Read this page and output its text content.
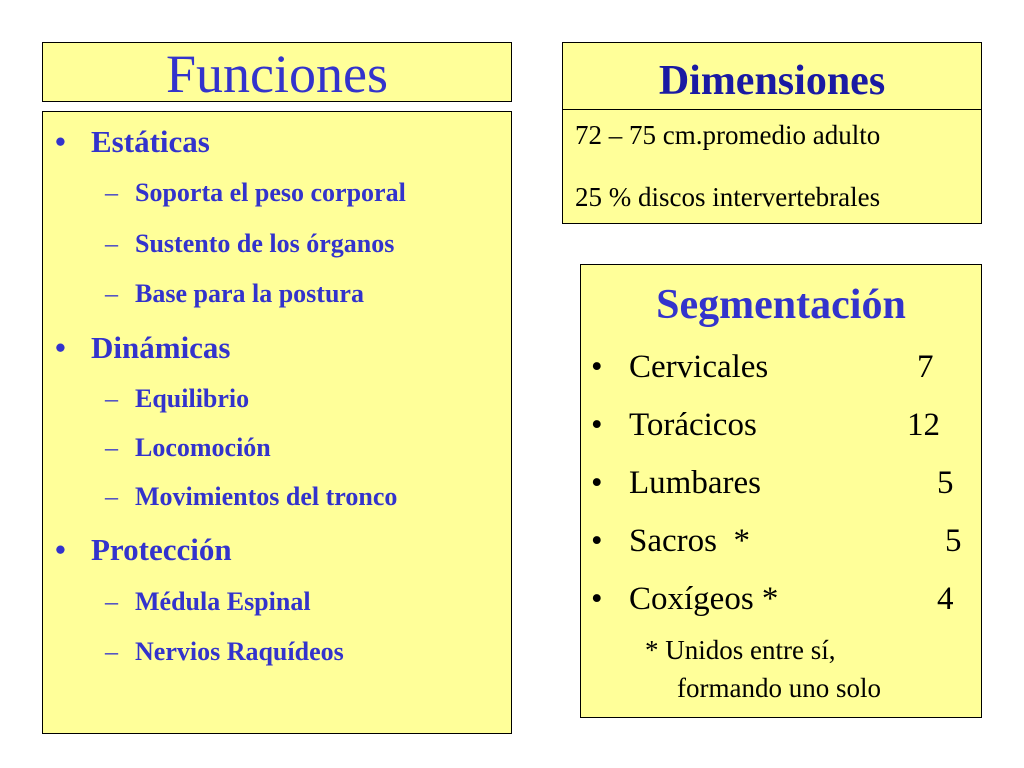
Funciones
• Estáticas
– Soporta el peso corporal
– Sustento de los órganos
– Base para la postura
• Dinámicas
– Equilibrio
– Locomoción
– Movimientos del tronco
• Protección
– Médula Espinal
– Nervios Raquídeos
Dimensiones
72 – 75 cm.promedio adulto
25 % discos intervertebrales
Segmentación
• Cervicales	7
• Torácicos	12
• Lumbares	5
• Sacros  *	5
• Coxígeos *	4
* Unidos entre sí,
formando uno solo
